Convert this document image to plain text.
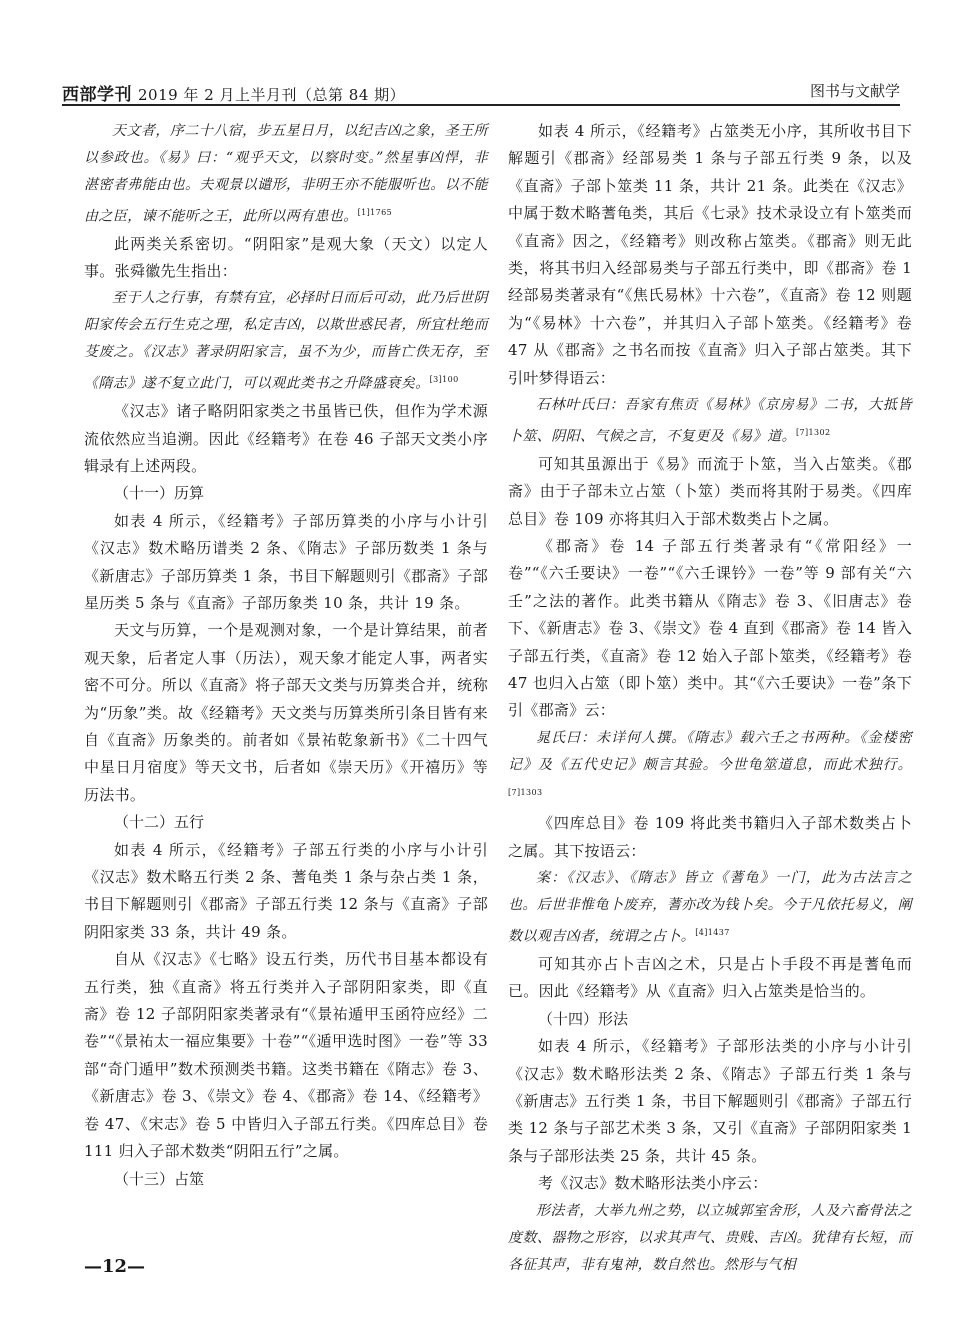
西部学刊 2019 年 2 月上半月刊（总第 84 期）	图书与文献学

天文者，序二十八宿，步五星日月，以纪吉凶之象，圣王所以参政也。《易》曰：“观乎天文，以察时变。”然星事凶悍，非湛密者弗能由也。夫观景以谴形，非明王亦不能服听也。以不能由之臣，谏不能听之王，此所以两有患也。$^{[1]1765}$

此两类关系密切。“阴阳家”是观大象（天文）以定人事。张舜徽先生指出：

至于人之行事，有禁有宜，必择时日而后可动，此乃后世阴阳家传会五行生克之理，私定吉凶，以欺世惑民者，所宜杜绝而芟废之。《汉志》著录阴阳家言，虽不为少，而皆亡佚无存，至《隋志》遂不复立此门，可以观此类书之升降盛衰矣。$^{[3]100}$

《汉志》诸子略阴阳家类之书虽皆已佚，但作为学术源流依然应当追溯。因此《经籍考》在卷 46 子部天文类小序辑录有上述两段。

（十一）历算

如表 4 所示，《经籍考》子部历算类的小序与小计引《汉志》数术略历谱类 2 条、《隋志》子部历数类 1 条与《新唐志》子部历算类 1 条，书目下解题则引《郡斋》子部星历类 5 条与《直斋》子部历象类 10 条，共计 19 条。

天文与历算，一个是观测对象，一个是计算结果，前者观天象，后者定人事（历法），观天象才能定人事，两者实密不可分。所以《直斋》将子部天文类与历算类合并，统称为“历象”类。故《经籍考》天文类与历算类所引条目皆有来自《直斋》历象类的。前者如《景祐乾象新书》《二十四气中星日月宿度》等天文书，后者如《崇天历》《开禧历》等历法书。

（十二）五行

如表 4 所示，《经籍考》子部五行类的小序与小计引《汉志》数术略五行类 2 条、蓍龟类 1 条与杂占类 1 条，书目下解题则引《郡斋》子部五行类 12 条与《直斋》子部阴阳家类 33 条，共计 49 条。

自从《汉志》《七略》设五行类，历代书目基本都设有五行类，独《直斋》将五行类并入子部阴阳家类，即《直斋》卷 12 子部阴阳家类著录有“《景祐遁甲玉函符应经》二卷”“《景祐太一福应集要》十卷”“《遁甲选时图》一卷”等 33 部“奇门遁甲”数术预测类书籍。这类书籍在《隋志》卷 3、《新唐志》卷 3、《崇文》卷 4、《郡斋》卷 14、《经籍考》卷 47、《宋志》卷 5 中皆归入子部五行类。《四库总目》卷 111 归入子部术数类“阴阳五行”之属。

（十三）占筮

如表 4 所示，《经籍考》占筮类无小序，其所收书目下解题引《郡斋》经部易类 1 条与子部五行类 9 条，以及《直斋》子部卜筮类 11 条，共计 21 条。此类在《汉志》中属于数术略蓍龟类，其后《七录》技术录设立有卜筮类而《直斋》因之，《经籍考》则改称占筮类。《郡斋》则无此类，将其书归入经部易类与子部五行类中，即《郡斋》卷 1 经部易类著录有“《焦氏易林》十六卷”，《直斋》卷 12 则题为“《易林》十六卷”，并其归入子部卜筮类。《经籍考》卷 47 从《郡斋》之书名而按《直斋》归入子部占筮类。其下引叶梦得语云：

石林叶氏曰：吾家有焦贡《易林》《京房易》二书，大抵皆卜筮、阴阳、气候之言，不复更及《易》道。$^{[7]1302}$

可知其虽源出于《易》而流于卜筮，当入占筮类。《郡斋》由于子部未立占筮（卜筮）类而将其附于易类。《四库总目》卷 109 亦将其归入于部术数类占卜之属。

《郡斋》卷 14 子部五行类著录有“《常阳经》一卷”“《六壬要诀》一卷”“《六壬课钤》一卷”等 9 部有关“六壬”之法的著作。此类书籍从《隋志》卷 3、《旧唐志》卷下、《新唐志》卷 3、《崇文》卷 4 直到《郡斋》卷 14 皆入子部五行类，《直斋》卷 12 始入子部卜筮类，《经籍考》卷 47 也归入占筮（即卜筮）类中。其“《六壬要诀》一卷”条下引《郡斋》云：

晁氏曰：未详何人撰。《隋志》载六壬之书两种。《金楼密记》及《五代史记》颇言其验。今世龟筮道息，而此术独行。$^{[7]1303}$

《四库总目》卷 109 将此类书籍归入子部术数类占卜之属。其下按语云：

案：《汉志》、《隋志》皆立《蓍龟》一门，此为古法言之也。后世非惟龟卜废弃，蓍亦改为钱卜矣。今于凡依托易义，阐数以观吉凶者，统谓之占卜。$^{[4]1437}$

可知其亦占卜吉凶之术，只是占卜手段不再是蓍龟而已。因此《经籍考》从《直斋》归入占筮类是恰当的。

（十四）形法

如表 4 所示，《经籍考》子部形法类的小序与小计引《汉志》数术略形法类 2 条、《隋志》子部五行类 1 条与《新唐志》五行类 1 条，书目下解题则引《郡斋》子部五行类 12 条与子部艺术类 3 条，又引《直斋》子部阴阳家类 1 条与子部形法类 25 条，共计 45 条。

考《汉志》数术略形法类小序云：

形法者，大举九州之势，以立城郭室舍形，人及六畜骨法之度数、器物之形容，以求其声气、贵贱、吉凶。犹律有长短，而各征其声，非有鬼神，数自然也。然形与气相

—12—
